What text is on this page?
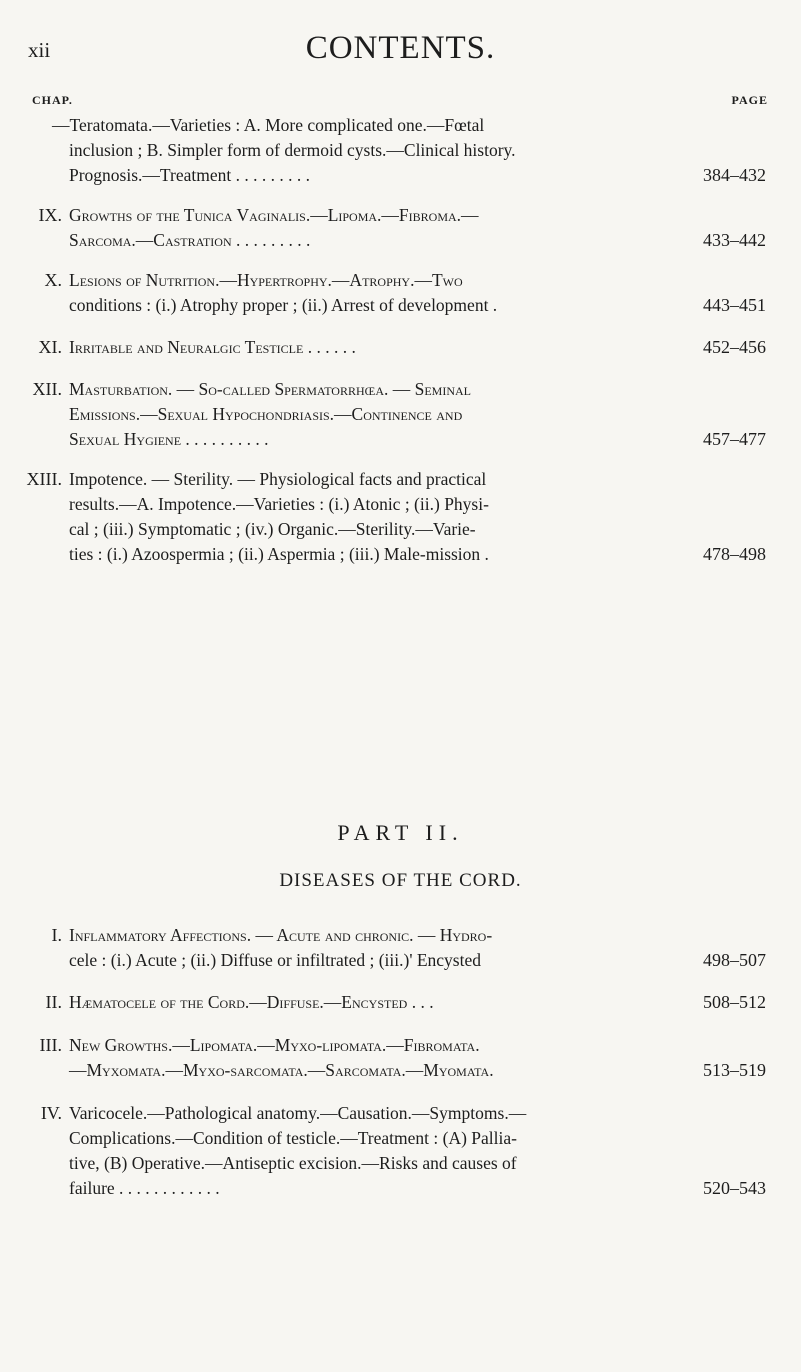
xii	CONTENTS.
CHAP.	PAGE
—Teratomata.—Varieties : A. More complicated one.—Fœtal
inclusion ; B. Simpler form of dermoid cysts.—Clinical history.
Prognosis.—Treatment . . . . . . . . .	384–432
IX. Growths of the Tunica Vaginalis.—Lipoma.—Fibroma.—
Sarcoma.—Castration . . . . . . . . .	433–442
X. Lesions of Nutrition.—Hypertrophy.—Atrophy.—Two
conditions : (i.) Atrophy proper ; (ii.) Arrest of development .	443–451
XI. Irritable and Neuralgic Testicle . . . . . .	452–456
XII. Masturbation. — So-called Spermatorrhœa. — Seminal
Emissions.—Sexual Hypochondriasis.—Continence and
Sexual Hygiene . . . . . . . . . .	457–477
XIII. Impotence. — Sterility. — Physiological facts and practical
results.—A. Impotence.—Varieties : (i.) Atonic ; (ii.) Physi-
cal ; (iii.) Symptomatic ; (iv.) Organic.—Sterility.—Varie-
ties : (i.) Azoospermia ; (ii.) Aspermia ; (iii.) Male-mission .	478–498
PART II.
DISEASES OF THE CORD.
I. Inflammatory Affections. — Acute and chronic. — Hydro-
cele : (i.) Acute ; (ii.) Diffuse or infiltrated ; (iii.)' Encysted	498–507
II. Hæmatocele of the Cord.—Diffuse.—Encysted . . .	508–512
III. New Growths.—Lipomata.—Myxo-lipomata.—Fibromata.
—Myxomata.—Myxo-sarcomata.—Sarcomata.—Myomata.	513–519
IV. Varicocele.—Pathological anatomy.—Causation.—Symptoms.—
Complications.—Condition of testicle.—Treatment : (A) Pallia-
tive, (B) Operative.—Antiseptic excision.—Risks and causes of
failure . . . . . . . . . . . .	520–543
